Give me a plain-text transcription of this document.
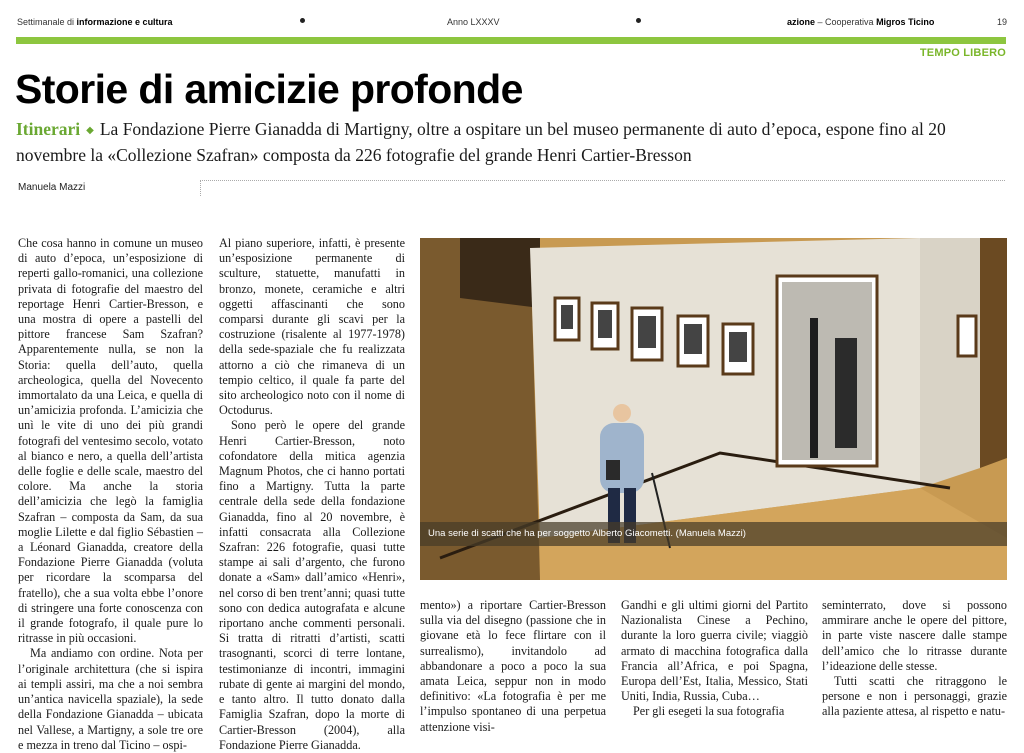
Settimanale di informazione e cultura	Anno LXXXV	azione – Cooperativa Migros Ticino	19
TEMPO LIBERO
Storie di amicizie profonde
Itinerari ◆ La Fondazione Pierre Gianadda di Martigny, oltre a ospitare un bel museo permanente di auto d’epoca, espone fino al 20 novembre la «Collezione Szafran» composta da 226 fotografie del grande Henri Cartier-Bresson
Manuela Mazzi

Che cosa hanno in comune un museo di auto d’epoca, un’esposizione di reperti gallo-romanici, una collezione privata di fotografie del maestro del reportage Henri Cartier-Bresson, e una mostra di opere a pastelli del pittore francese Sam Szafran? Apparentemente nulla, se non la Storia: quella dell’auto, quella archeologica, quella del Novecento immortalato da una Leica, e quella di un’amicizia profonda. L’amicizia che unì le vite di uno dei più grandi fotografi del ventesimo secolo, votato al bianco e nero, a quella dell’artista delle foglie e delle scale, maestro del colore. Ma anche la storia dell’amicizia che legò la famiglia Szafran – composta da Sam, da sua moglie Lilette e dal figlio Sébastien – a Léonard Gianadda, creatore della Fondazione Pierre Gianadda (voluta per ricordare la scomparsa del fratello), che a sua volta ebbe l’onore di stringere una forte conoscenza con il grande fotografo, il quale pure lo ritrasse in più occasioni.

Ma andiamo con ordine. Nota per l’originale architettura (che si ispira ai templi assiri, ma che a noi sembra un’antica navicella spaziale), la sede della Fondazione Gianadda – ubicata nel Vallese, a Martigny, a sole tre ore e mezza in treno dal Ticino – ospi-

Al piano superiore, infatti, è presente un’esposizione permanente di sculture, statuette, manufatti in bronzo, monete, ceramiche e altri oggetti affascinanti che sono comparsi durante gli scavi per la costruzione (risalente al 1977-1978) della sede-spaziale che fu realizzata attorno a ciò che rimaneva di un tempio celtico, il quale fa parte del sito archeologico noto con il nome di Octodurus.

Sono però le opere del grande Henri Cartier-Bresson, noto cofondatore della mitica agenzia Magnum Photos, che ci hanno portati fino a Martigny. Tutta la parte centrale della sede della fondazione Gianadda, fino al 20 novembre, è infatti consacrata alla Collezione Szafran: 226 fotografie, quasi tutte stampe ai sali d’argento, che furono donate a «Sam» dall’amico «Henri», nel corso di ben trent’anni; quasi tutte sono con dedica autografata e alcune riportano anche commenti personali. Si tratta di ritratti d’artisti, scatti trasognanti, scorci di terre lontane, testimonianze di incontri, immagini rubate di gente ai margini del mondo, e tanto altro. Il tutto donato dalla Famiglia Szafran, dopo la morte di Cartier-Bresson (2004), alla Fondazione Pierre Gianadda.

Una serie di scatti che ha per soggetto Alberto Giacometti. (Manuela Mazzi)

mento») a riportare Cartier-Bresson sulla via del disegno (passione che in giovane età lo fece flirtare con il surrealismo), invitandolo ad abbandonare a poco a poco la sua amata Leica, seppur non in modo definitivo: «La fotografia è per me l’impulso spontaneo di una perpetua attenzione visi-

Gandhi e gli ultimi giorni del Partito Nazionalista Cinese a Pechino, durante la loro guerra civile; viaggiò armato di macchina fotografica dalla Francia all’Africa, e poi Spagna, Europa dell’Est, Italia, Messico, Stati Uniti, India, Russia, Cuba…

Per gli esegeti la sua fotografia

seminterrato, dove si possono ammirare anche le opere del pittore, in parte viste nascere dalle stampe dell’amico che lo ritrasse durante l’ideazione delle stesse.

Tutti scatti che ritraggono le persone e non i personaggi, grazie alla paziente attesa, al rispetto e natu-
